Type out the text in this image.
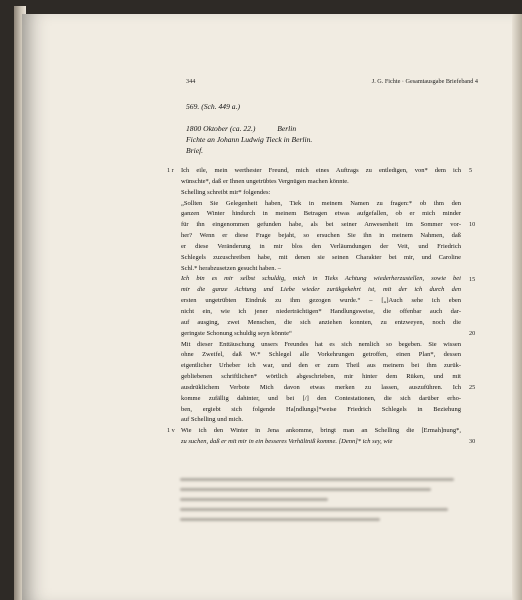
344	J. G. Fichte · Gesamtausgabe Briefeband 4
569. (Sch. 449 a.)
1800 Oktober (ca. 22.)	Berlin
Fichte an Johann Ludwig Tieck in Berlin.
Brief.
1 r
1 v
5
10
15
20
25
30
Ich eile, mein werthester Freund, mich eines Auftrags zu entledigen, von* dem ich
wünschte*, daß er Ihnen ungetrübtes Vergnügen machen könnte.
Schelling schreibt mir* folgendes:
„Sollten Sie Gelegenheit haben, Tiek in meinem Namen zu fragen:* ob ihm den
ganzen Winter hindurch in meinem Betragen etwas aufgefallen, ob er mich minder
für ihn eingenommen gefunden habe, als bei seiner Anwesenheit im Sommer vor-
her? Wenn er diese Frage bejaht, so ersuchen Sie ihn in meinem Nahmen, daß
er diese Veränderung in mir blos den Verläumdungen der Veit, und Friedrich
Schlegels zuzuschreiben habe, mit denen sie seinen Charakter bei mir, und Caroline
Schl.* herabzusetzen gesucht haben. –
Ich bin es mir selbst schuldig, mich in Tieks Achtung wiederherzustellen, sowie bei
mir die ganze Achtung und Liebe wieder zurükgekehrt ist, mit der ich durch den
ersten ungetrübten Eindruk zu ihm gezogen wurde.“ – [„]Auch sehe ich eben
nicht ein, wie ich jener niederträchtigen* Handlungsweise, die offenbar auch dar-
auf ausging, zwei Menschen, die sich anziehen konnten, zu entzweyen, noch die
geringste Schonung schuldig seyn könnte“
Mit dieser Enttäuschung unsers Freundes hat es sich nemlich so begeben. Sie wissen
ohne Zweifel, daß W.* Schlegel alle Vorkehrungen getroffen, einen Plan*, dessen
eigentlicher Urheber ich war, und den er zum Theil aus meinem bei ihm zurük-
gebliebenen schriftlichen* wörtlich abgeschrieben, mir hinter dem Rüken, und mit
ausdrüklichem Verbote Mich davon etwas merken zu lassen, auszuführen. Ich
komme zufällig dahinter, und bei [/] den Contestationen, die sich darüber erho-
ben, ergiebt sich folgende Ha[ndlungs]*weise Friedrich Schlegels in Beziehung
auf Schelling und mich.
Wie ich den Winter in Jena ankomme, bringt man an Schelling die [Ermah]nung*,
zu suchen, daß er mit mir in ein besseres Verhältniß komme. [Denn]* ich sey, wie
